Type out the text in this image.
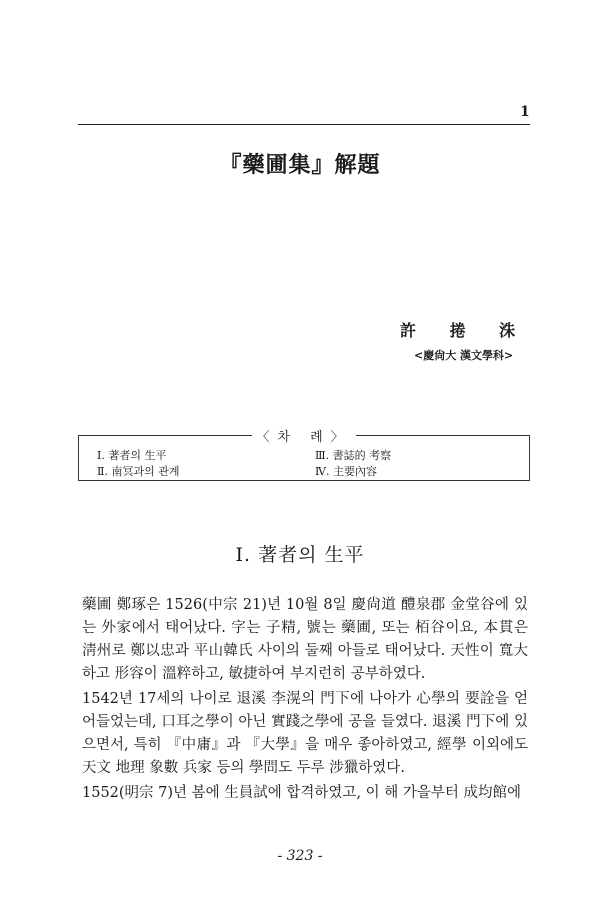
1
『藥圃集』解題
許 捲 洙
<慶尙大 漢文學科>
〈차 례〉
Ⅰ. 著者의 生平
Ⅱ. 南冥과의 관계
Ⅲ. 書誌的 考察
Ⅳ. 主要內容
Ⅰ. 著者의 生平
藥圃 鄭琢은 1526(中宗 21)년 10월 8일 慶尙道 醴泉郡 金堂谷에 있는 外家에서 태어났다. 字는 子精, 號는 藥圃, 또는 栢谷이요, 本貫은 淸州로 鄭以忠과 平山韓氏 사이의 둘째 아들로 태어났다. 天性이 寬大하고 形容이 溫粹하고, 敏捷하여 부지런히 공부하였다.
1542년 17세의 나이로 退溪 李滉의 門下에 나아가 心學의 要詮을 얻어들었는데, 口耳之學이 아닌 實踐之學에 공을 들였다. 退溪 門下에 있으면서, 특히 『中庸』과 『大學』을 매우 좋아하였고, 經學 이외에도 天文 地理 象數 兵家 등의 學問도 두루 涉獵하였다.
1552(明宗 7)년 봄에 生員試에 합격하였고, 이 해 가을부터 成均館에
- 323 -
